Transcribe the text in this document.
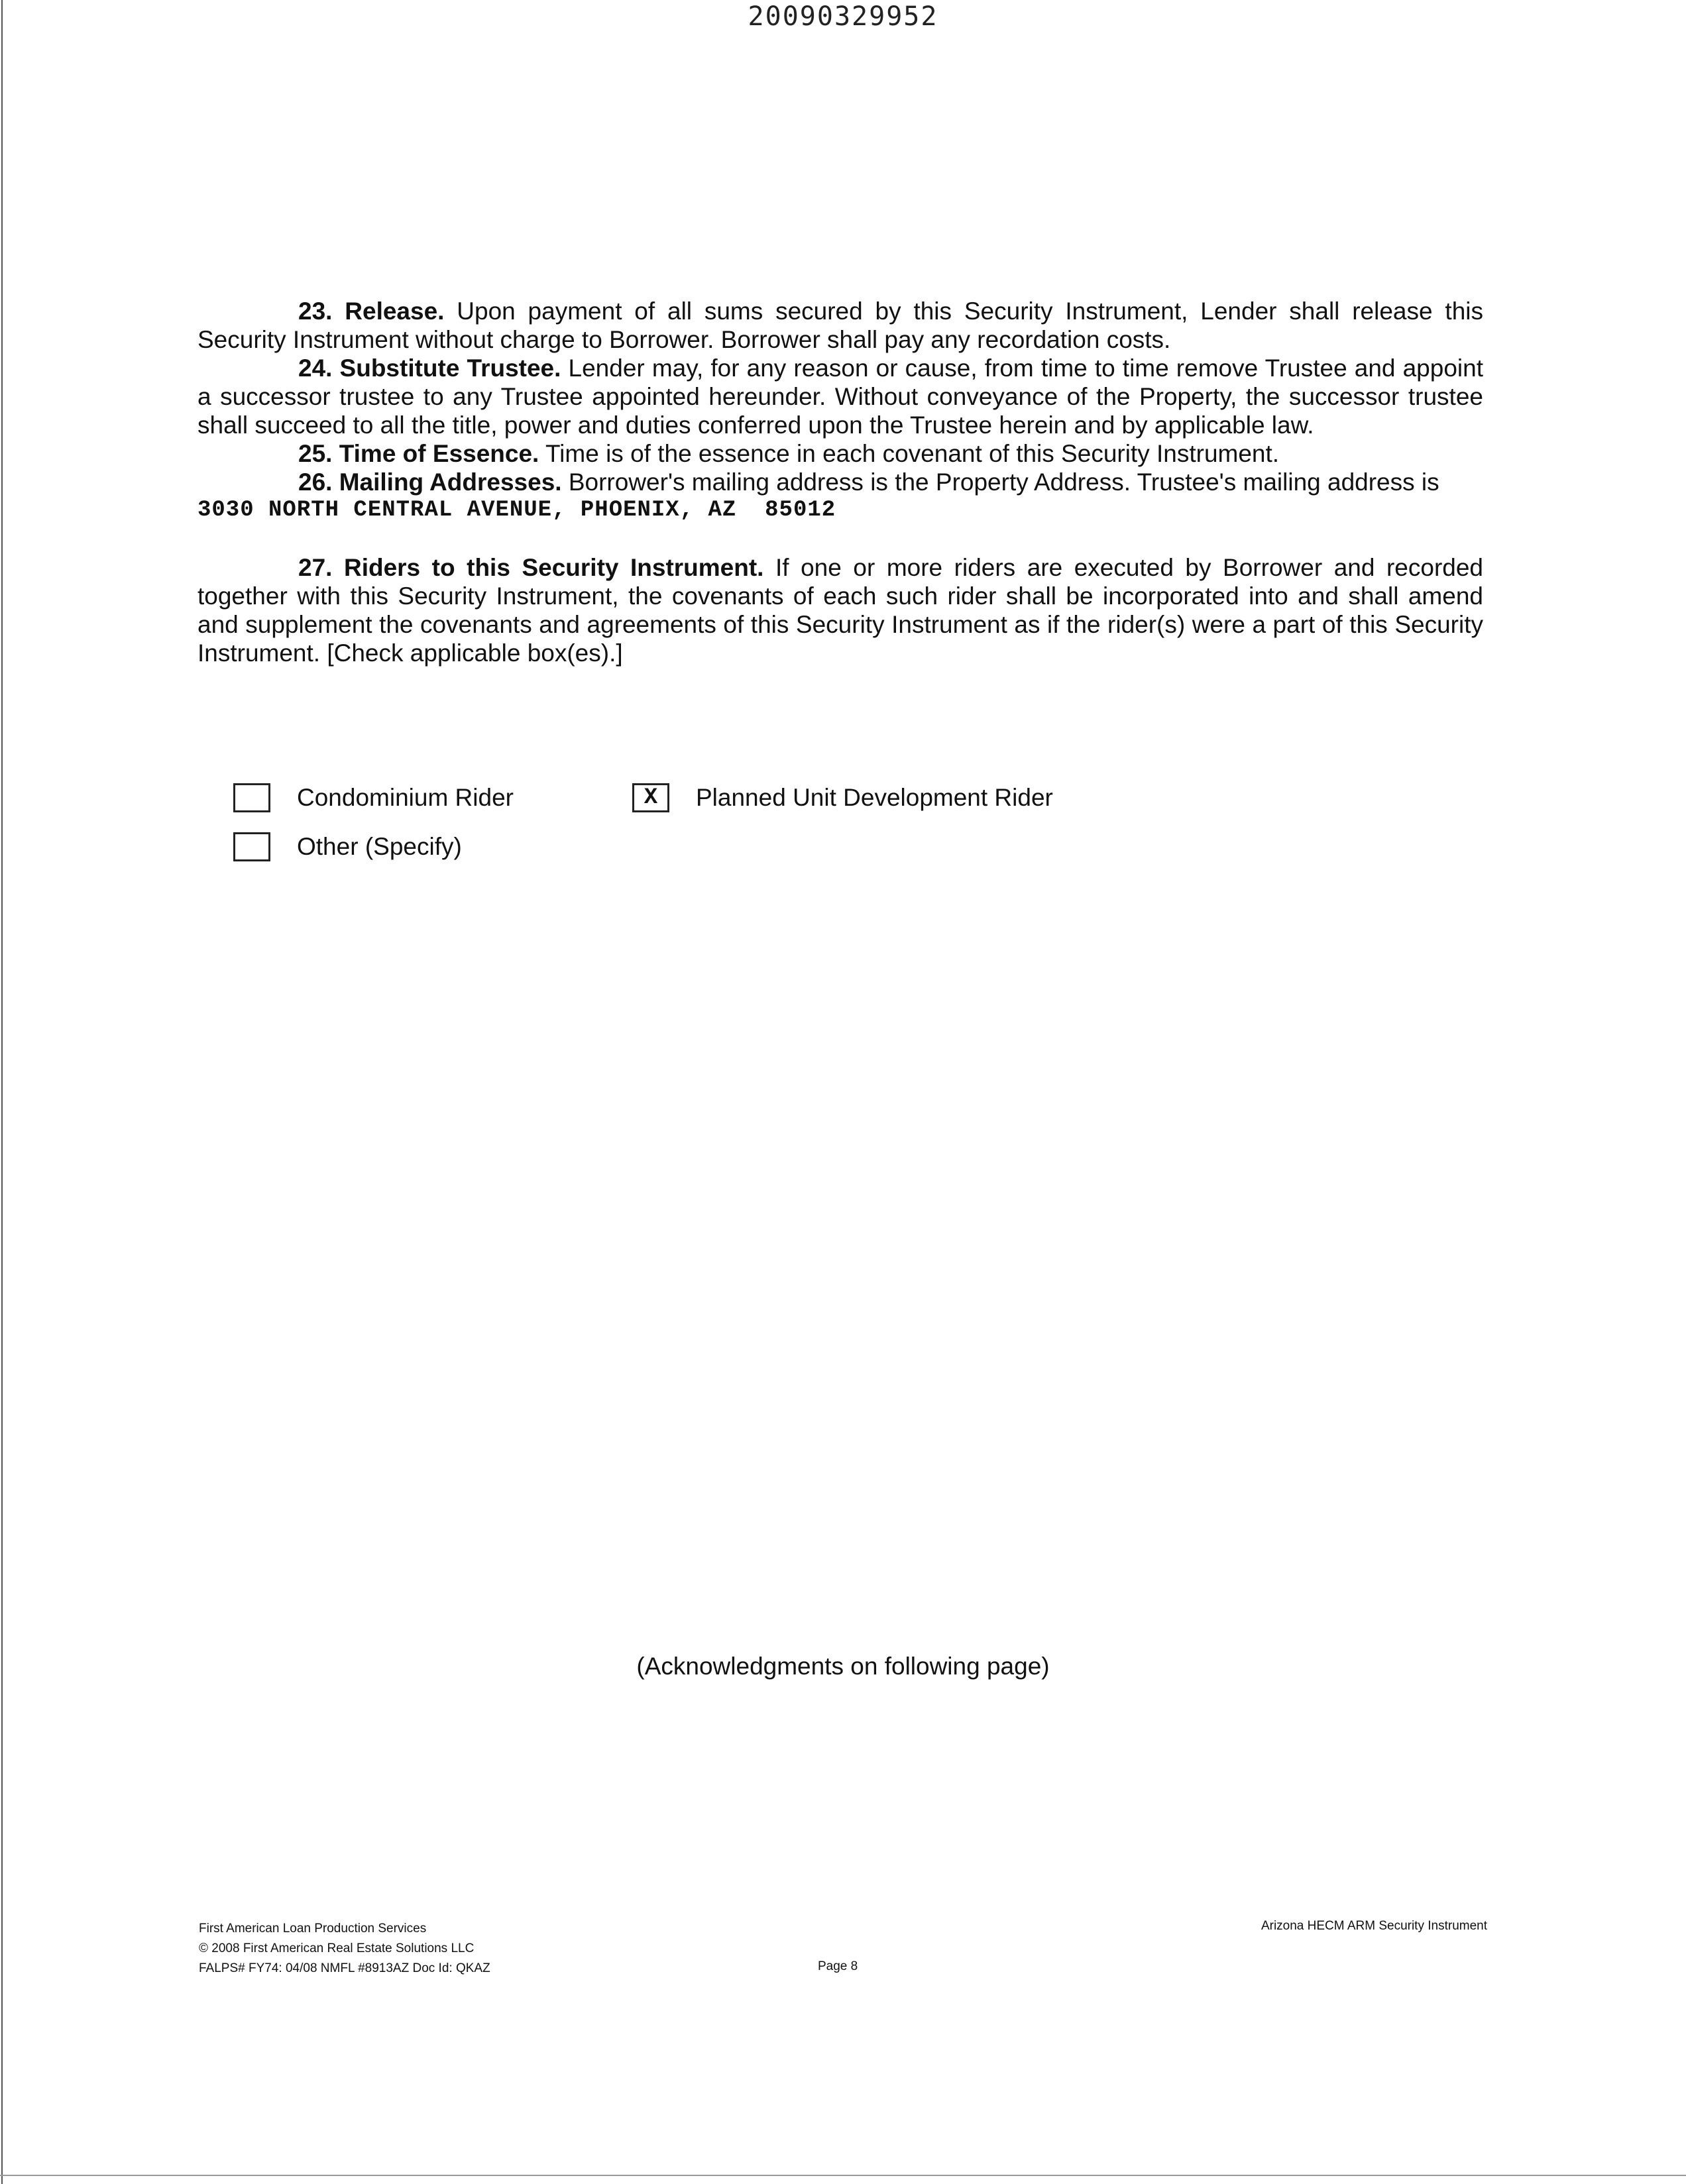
20090329952

23. Release. Upon payment of all sums secured by this Security Instrument, Lender shall release this Security Instrument without charge to Borrower. Borrower shall pay any recordation costs.

24. Substitute Trustee. Lender may, for any reason or cause, from time to time remove Trustee and appoint a successor trustee to any Trustee appointed hereunder. Without conveyance of the Property, the successor trustee shall succeed to all the title, power and duties conferred upon the Trustee herein and by applicable law.

25. Time of Essence. Time is of the essence in each covenant of this Security Instrument.

26. Mailing Addresses. Borrower's mailing address is the Property Address. Trustee's mailing address is

3030 NORTH CENTRAL AVENUE, PHOENIX, AZ  85012

27. Riders to this Security Instrument. If one or more riders are executed by Borrower and recorded together with this Security Instrument, the covenants of each such rider shall be incorporated into and shall amend and supplement the covenants and agreements of this Security Instrument as if the rider(s) were a part of this Security Instrument. [Check applicable box(es).]

Condominium Rider	X	Planned Unit Development Rider
Other (Specify)
(Acknowledgments on following page)
First American Loan Production Services
© 2008 First American Real Estate Solutions LLC
FALPS# FY74: 04/08 NMFL #8913AZ Doc Id: QKAZ	Page 8
Arizona HECM ARM Security Instrument
